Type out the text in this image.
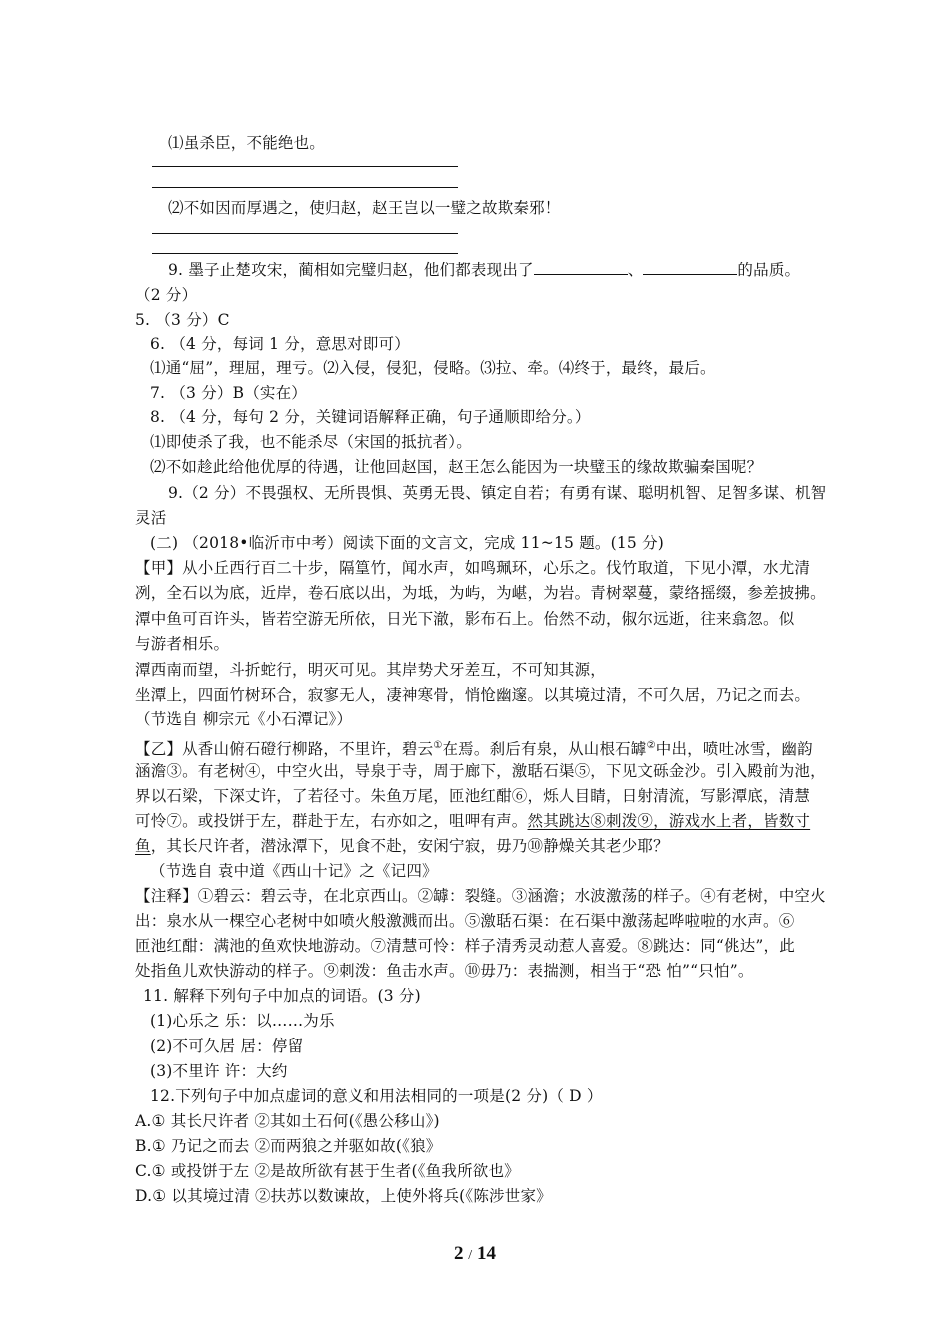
⑴虽杀臣，不能绝也。
⑵不如因而厚遇之，使归赵，赵王岂以一璧之故欺秦邪！
9. 墨子止楚攻宋，蔺相如完璧归赵，他们都表现出了	、	的品质。
（2 分）
5. （3 分）C
6. （4 分，每词 1 分，意思对即可）
⑴通“屈”，理屈，理亏。⑵入侵，侵犯，侵略。⑶拉、牵。⑷终于，最终，最后。
7. （3 分）B（实在）
8. （4 分，每句 2 分，关键词语解释正确，句子通顺即给分。）
⑴即使杀了我，也不能杀尽（宋国的抵抗者）。
⑵不如趁此给他优厚的待遇，让他回赵国，赵王怎么能因为一块璧玉的缘故欺骗秦国呢？
9.（2 分）不畏强权、无所畏惧、英勇无畏、镇定自若；有勇有谋、聪明机智、足智多谋、机智
灵活
(二) （2018•临沂市中考）阅读下面的文言文，完成 11~15 题。(15 分)
【甲】从小丘西行百二十步，隔篁竹，闻水声，如鸣珮环，心乐之。伐竹取道，下见小潭，水尤清
冽，全石以为底，近岸，卷石底以出，为坻，为屿，为嵁，为岩。青树翠蔓，蒙络摇缀，参差披拂。
潭中鱼可百许头，皆若空游无所依，日光下澈，影布石上。佁然不动，俶尔远逝，往来翕忽。似
与游者相乐。
潭西南而望，斗折蛇行，明灭可见。其岸势犬牙差互，不可知其源，
坐潭上，四面竹树环合，寂寥无人，凄神寒骨，悄怆幽邃。以其境过清，不可久居，乃记之而去。
（节选自 柳宗元《小石潭记》）
【乙】从香山俯石磴行柳路，不里许，碧云①在焉。刹后有泉，从山根石罅②中出，喷吐冰雪，幽韵
涵澹③。有老树④，中空火出，导泉于寺，周于廊下，激聒石渠⑤，下见文砾金沙。引入殿前为池，
界以石梁，下深丈许，了若径寸。朱鱼万尾，匝池红酣⑥，烁人目睛，日射清流，写影潭底，清慧
可怜⑦。或投饼于左，群赴于左，右亦如之，咀呷有声。然其跳达⑧刺泼⑨，游戏水上者，皆数寸
鱼，其长尺许者，潜泳潭下，见食不赴，安闲宁寂，毋乃⑩静燥关其老少耶？
（节选自 袁中道《西山十记》之《记四》
【注释】①碧云：碧云寺，在北京西山。②罅：裂缝。③涵澹；水波激荡的样子。④有老树，中空火
出：泉水从一棵空心老树中如喷火般激溅而出。⑤激聒石渠：在石渠中激荡起哗啦啦的水声。⑥
匝池红酣：满池的鱼欢快地游动。⑦清慧可怜：样子清秀灵动惹人喜爱。⑧跳达：同“佻达”，此
处指鱼儿欢快游动的样子。⑨刺泼：鱼击水声。⑩毋乃：表揣测，相当于“恐 怕”“只怕”。
11. 解释下列句子中加点的词语。(3 分)
(1)心乐之 乐：以……为乐
(2)不可久居 居：停留
(3)不里许 许：大约
12.下列句子中加点虚词的意义和用法相同的一项是(2 分)（ D ）
A.① 其长尺许者 ②其如土石何(《愚公移山》)
B.① 乃记之而去 ②而两狼之并驱如故(《狼》
C.① 或投饼于左 ②是故所欲有甚于生者(《鱼我所欲也》
D.① 以其境过清 ②扶苏以数谏故，上使外将兵(《陈涉世家》
2 / 14
